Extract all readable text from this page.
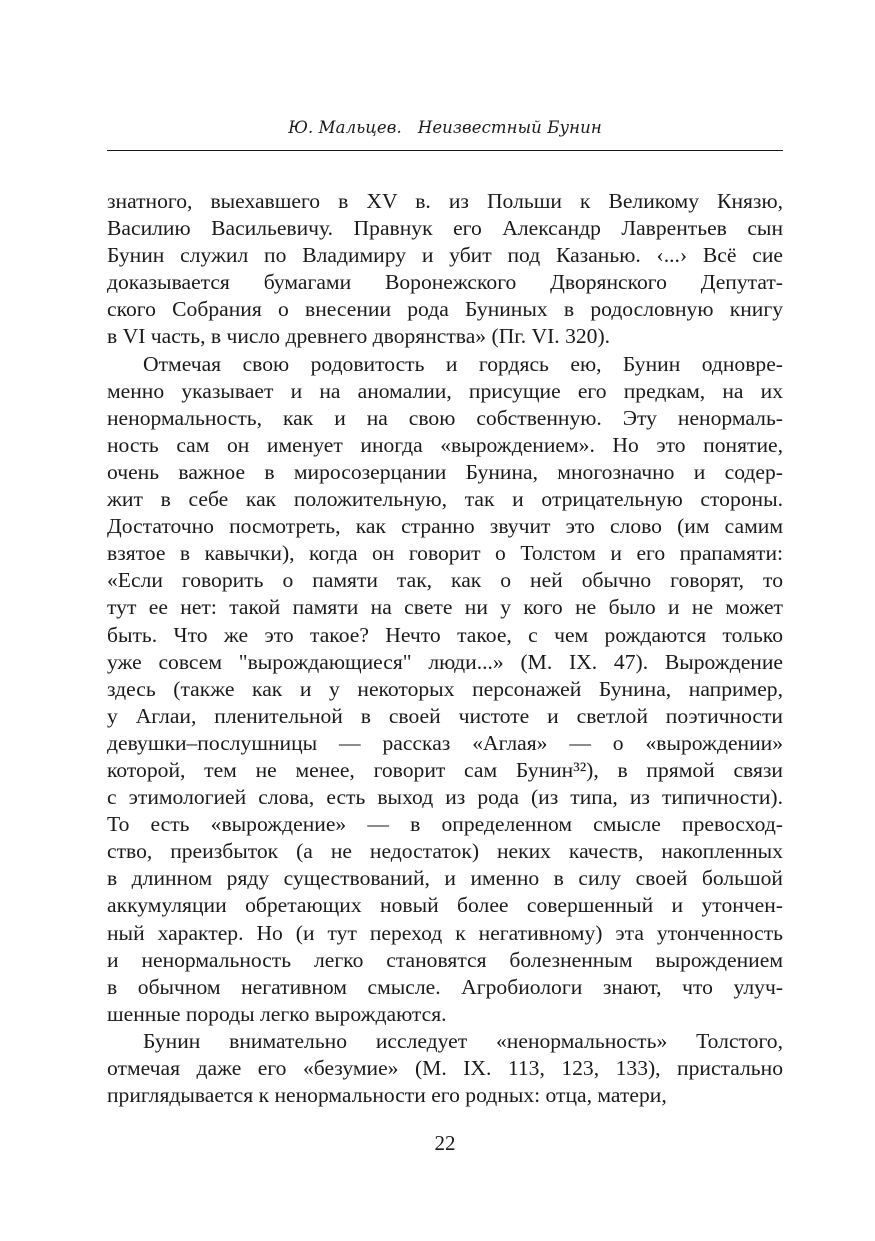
Ю. Мальцев. Неизвестный Бунин

знатного, выехавшего в XV в. из Польши к Великому Князю,
Василию Васильевичу. Правнук его Александр Лаврентьев сын
Бунин служил по Владимиру и убит под Казанью. ‹...› Всё сие
доказывается бумагами Воронежского Дворянского Депутат-
ского Собрания о внесении рода Буниных в родословную книгу
в VI часть, в число древнего дворянства» (Пг. VI. 320).

Отмечая свою родовитость и гордясь ею, Бунин одновре-
менно указывает и на аномалии, присущие его предкам, на их
ненормальность, как и на свою собственную. Эту ненормаль-
ность сам он именует иногда «вырождением». Но это понятие,
очень важное в миросозерцании Бунина, многозначно и содер-
жит в себе как положительную, так и отрицательную стороны.
Достаточно посмотреть, как странно звучит это слово (им самим
взятое в кавычки), когда он говорит о Толстом и его прапамяти:
«Если говорить о памяти так, как о ней обычно говорят, то
тут ее нет: такой памяти на свете ни у кого не было и не может
быть. Что же это такое? Нечто такое, с чем рождаются только
уже совсем "вырождающиеся" люди...» (М. IX. 47). Вырождение
здесь (также как и у некоторых персонажей Бунина, например,
у Аглаи, пленительной в своей чистоте и светлой поэтичности
девушки–послушницы — рассказ «Аглая» — о «вырождении»
которой, тем не менее, говорит сам Бунин³²), в прямой связи
с этимологией слова, есть выход из рода (из типа, из типичности).
То есть «вырождение» — в определенном смысле превосход-
ство, преизбыток (а не недостаток) неких качеств, накопленных
в длинном ряду существований, и именно в силу своей большой
аккумуляции обретающих новый более совершенный и утончен-
ный характер. Но (и тут переход к негативному) эта утонченность
и ненормальность легко становятся болезненным вырождением
в обычном негативном смысле. Агробиологи знают, что улуч-
шенные породы легко вырождаются.

Бунин внимательно исследует «ненормальность» Толстого,
отмечая даже его «безумие» (М. IX. 113, 123, 133), пристально
приглядывается к ненормальности его родных: отца, матери,

22
